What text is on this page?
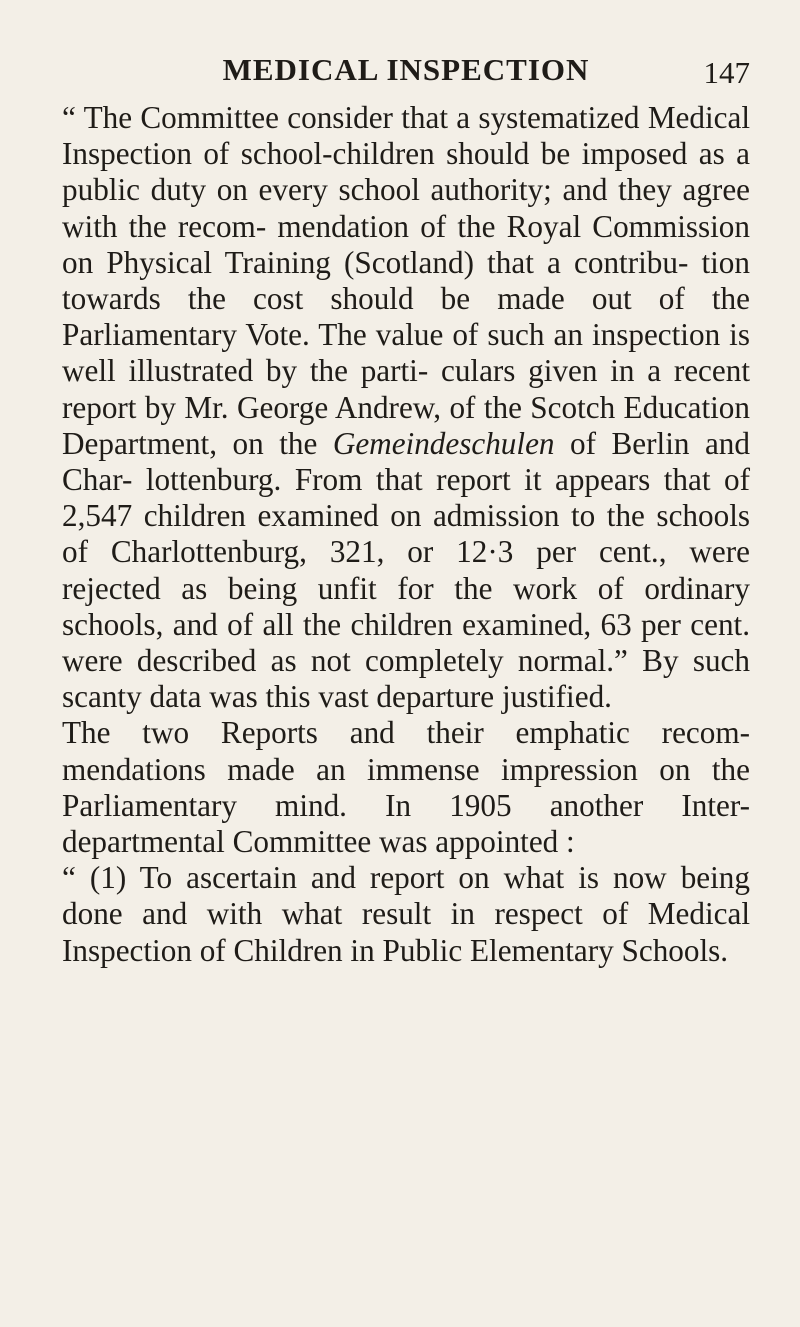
MEDICAL INSPECTION	147

“ The Committee consider that a systematized Medical Inspection of school-children should be imposed as a public duty on every school authority; and they agree with the recom- mendation of the Royal Commission on Physical Training (Scotland) that a contribu- tion towards the cost should be made out of the Parliamentary Vote. The value of such an inspection is well illustrated by the parti- culars given in a recent report by Mr. George Andrew, of the Scotch Education Department, on the Gemeindeschulen of Berlin and Char- lottenburg. From that report it appears that of 2,547 children examined on admission to the schools of Charlottenburg, 321, or 12·3 per cent., were rejected as being unfit for the work of ordinary schools, and of all the children examined, 63 per cent. were described as not completely normal.” By such scanty data was this vast departure justified.

The two Reports and their emphatic recom- mendations made an immense impression on the Parliamentary mind. In 1905 another Inter-departmental Committee was appointed :

“ (1) To ascertain and report on what is now being done and with what result in respect of Medical Inspection of Children in Public Elementary Schools.
